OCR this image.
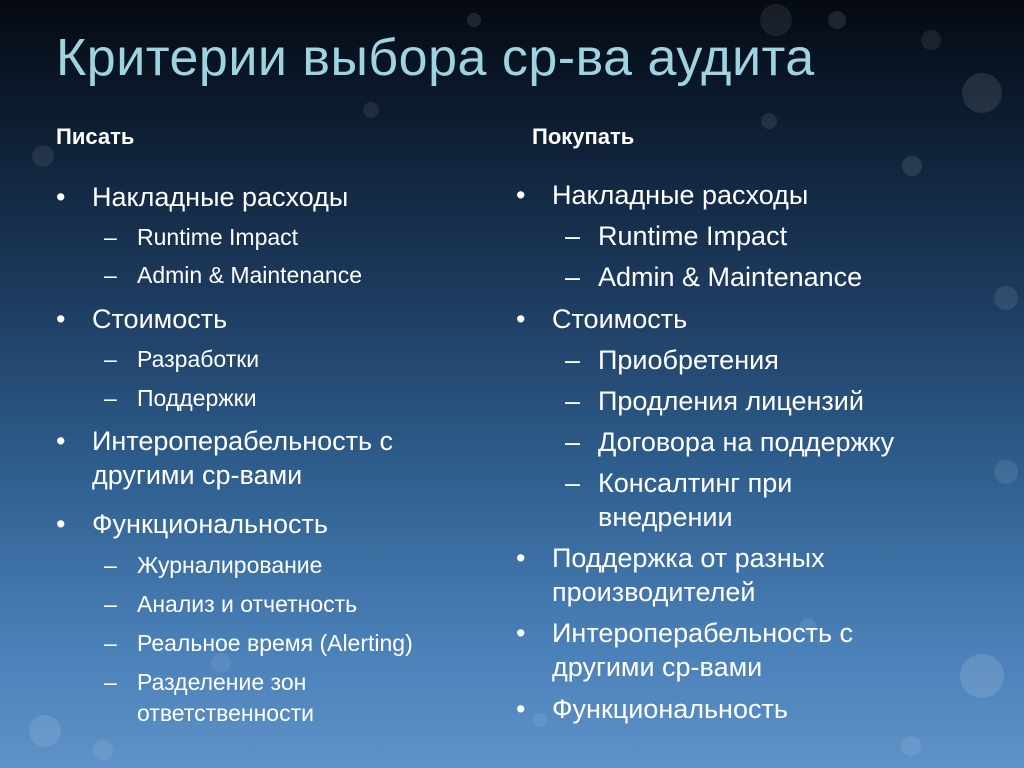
Критерии выбора ср-ва аудита
Писать	Покупать
• Накладные расходы
– Runtime Impact
– Admin & Maintenance
• Стоимость
– Разработки
– Поддержки
• Интероперабельность с другими ср-вами
• Функциональность
– Журналирование
– Анализ и отчетность
– Реальное время (Alerting)
– Разделение зон ответственности
• Накладные расходы
– Runtime Impact
– Admin & Maintenance
• Стоимость
– Приобретения
– Продления лицензий
– Договора на поддержку
– Консалтинг при внедрении
• Поддержка от разных производителей
• Интероперабельность с другими ср-вами
• Функциональность
